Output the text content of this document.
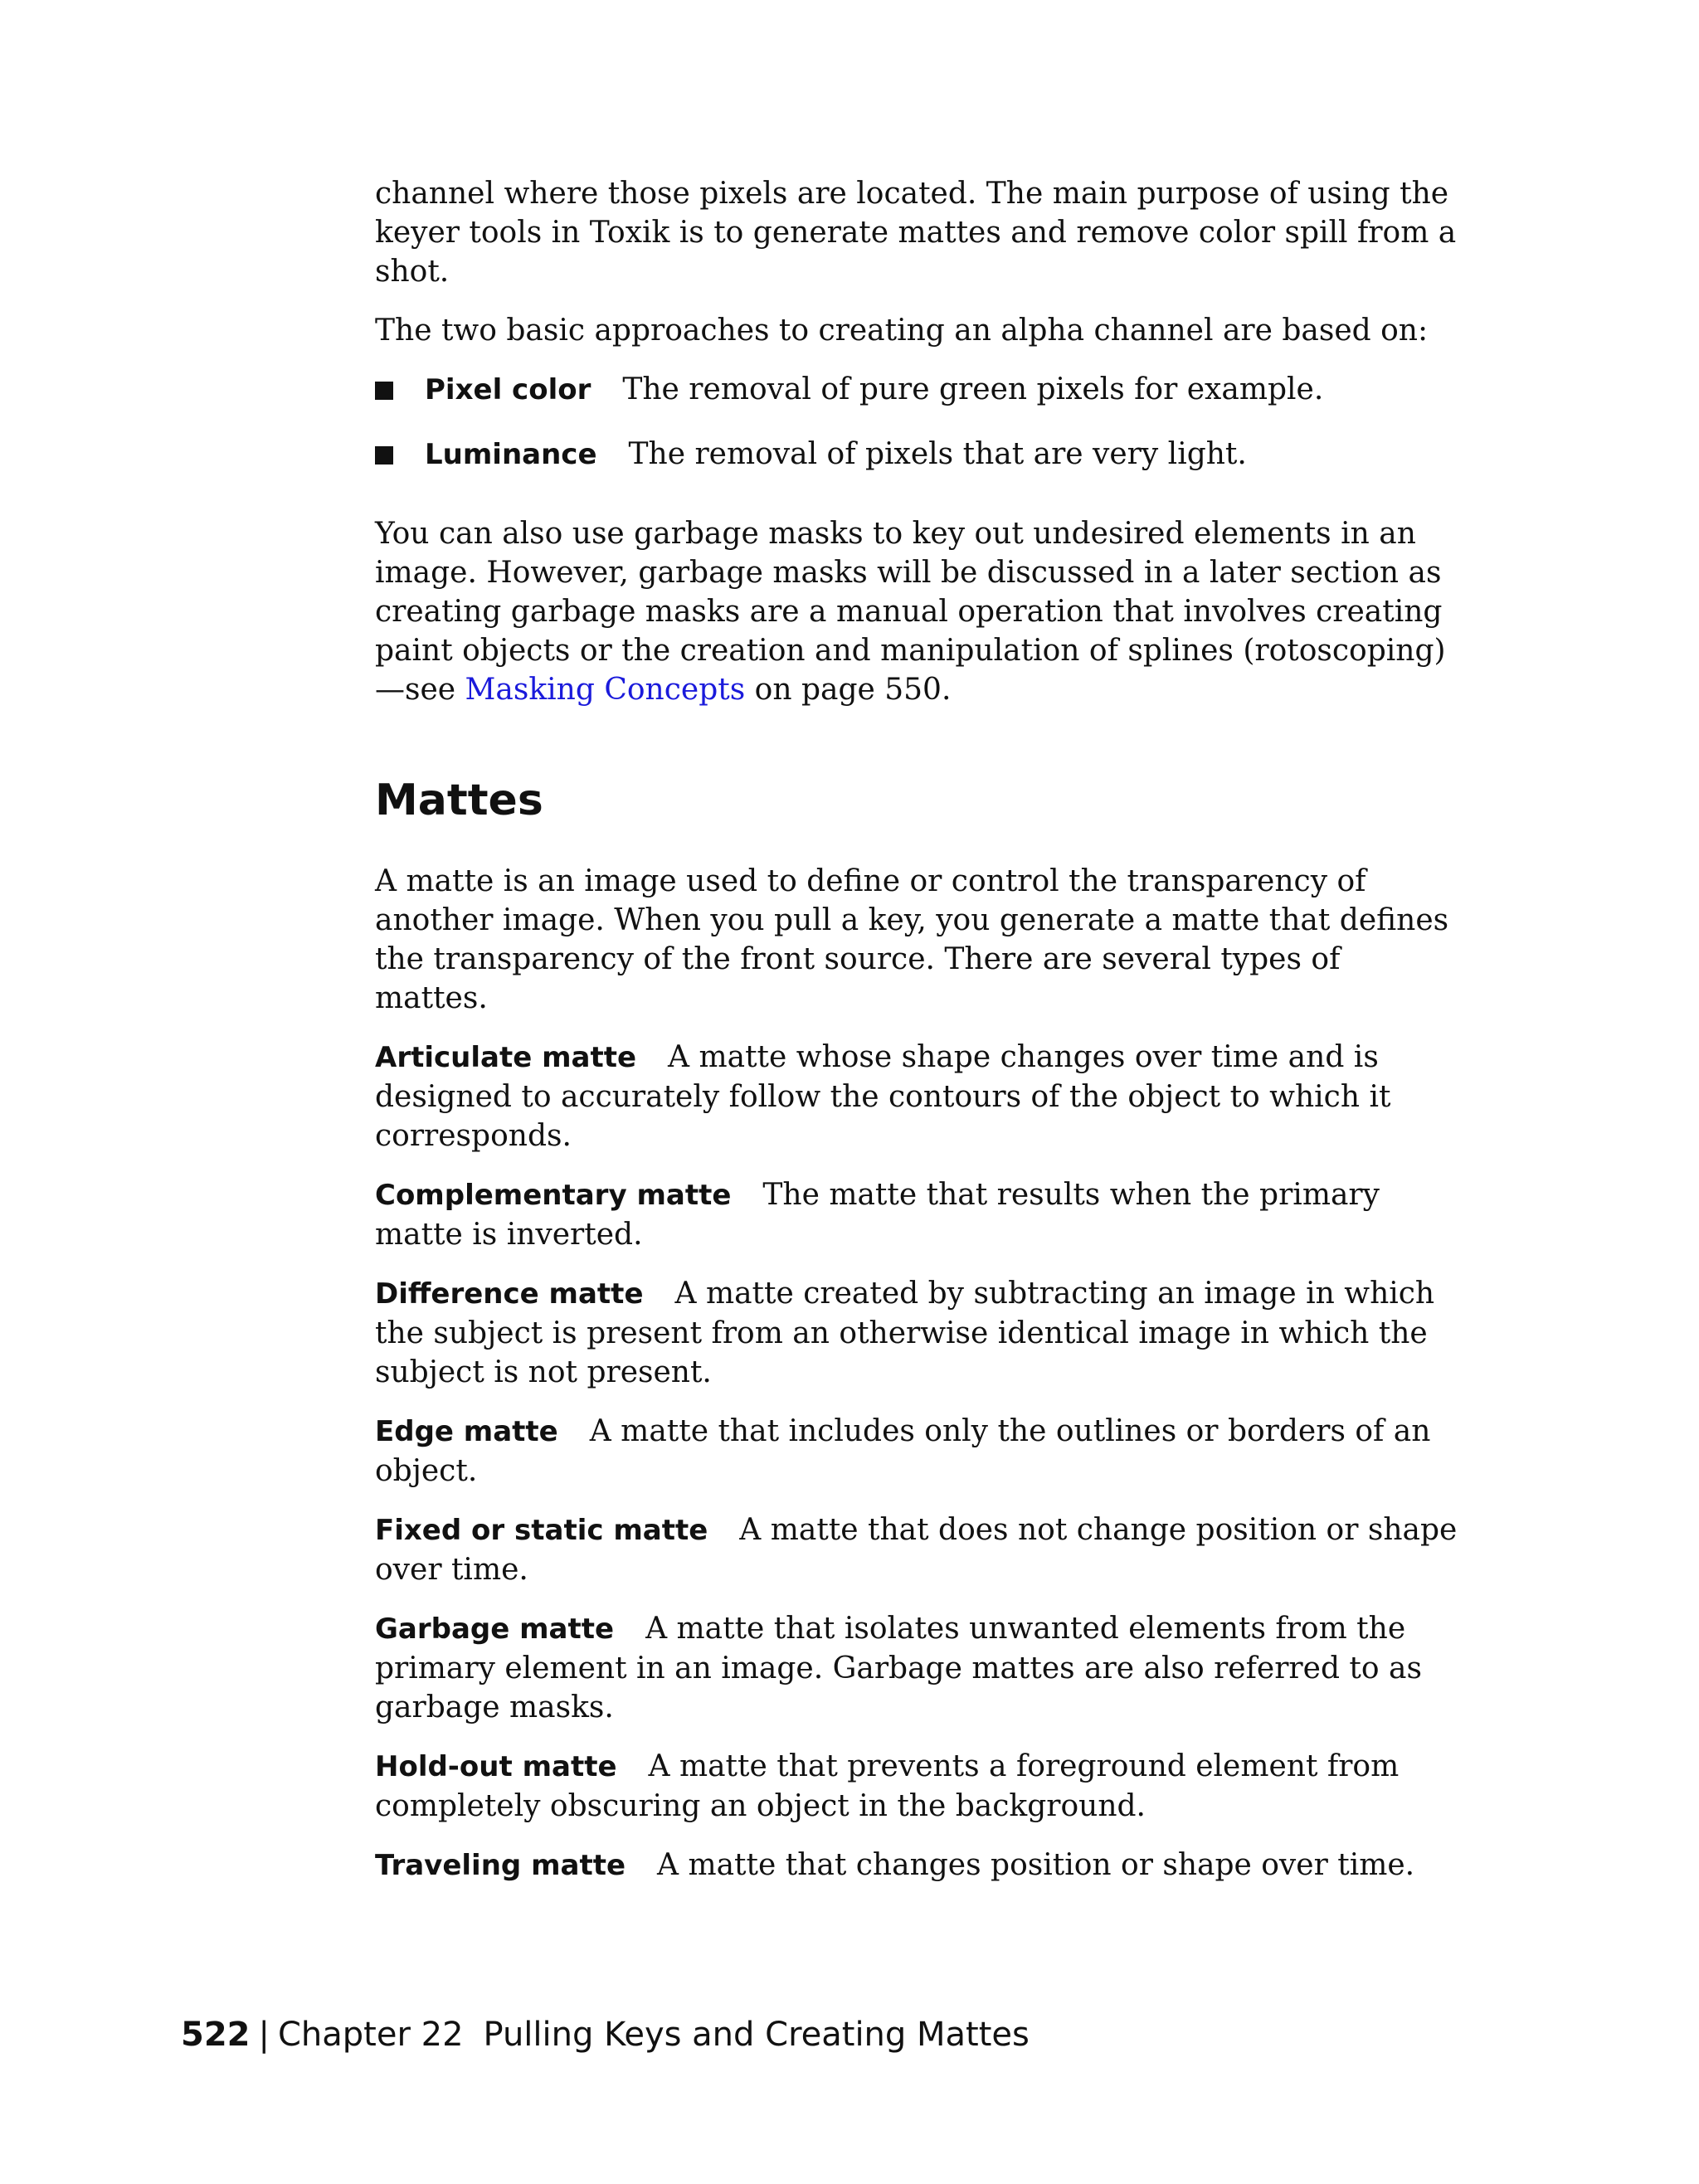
channel where those pixels are located. The main purpose of using the keyer tools in Toxik is to generate mattes and remove color spill from a shot.

The two basic approaches to creating an alpha channel are based on:

Pixel color The removal of pure green pixels for example.
Luminance The removal of pixels that are very light.

You can also use garbage masks to key out undesired elements in an image. However, garbage masks will be discussed in a later section as creating garbage masks are a manual operation that involves creating paint objects or the creation and manipulation of splines (rotoscoping)—see Masking Concepts on page 550.

Mattes

A matte is an image used to define or control the transparency of another image. When you pull a key, you generate a matte that defines the transparency of the front source. There are several types of mattes.

Articulate matte A matte whose shape changes over time and is designed to accurately follow the contours of the object to which it corresponds.

Complementary matte The matte that results when the primary matte is inverted.

Difference matte A matte created by subtracting an image in which the subject is present from an otherwise identical image in which the subject is not present.

Edge matte A matte that includes only the outlines or borders of an object.

Fixed or static matte A matte that does not change position or shape over time.

Garbage matte A matte that isolates unwanted elements from the primary element in an image. Garbage mattes are also referred to as garbage masks.

Hold-out matte A matte that prevents a foreground element from completely obscuring an object in the background.

Traveling matte A matte that changes position or shape over time.

522 | Chapter 22 Pulling Keys and Creating Mattes
